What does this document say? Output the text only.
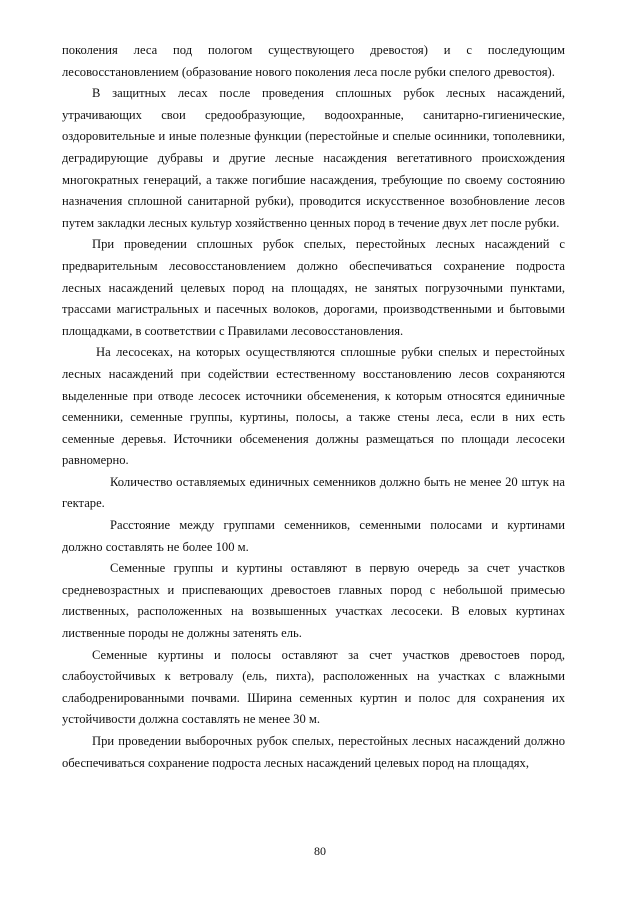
поколения леса под пологом существующего древостоя) и с последующим лесовосстановлением (образование нового поколения леса после рубки спелого древостоя).

В защитных лесах после проведения сплошных рубок лесных насаждений, утрачивающих свои средообразующие, водоохранные, санитарно-гигиенические, оздоровительные и иные полезные функции (перестойные и спелые осинники, тополевники, деградирующие дубравы и другие лесные насаждения вегетативного происхождения многократных генераций, а также погибшие насаждения, требующие по своему состоянию назначения сплошной санитарной рубки), проводится искусственное возобновление лесов путем закладки лесных культур хозяйственно ценных пород в течение двух лет после рубки.

При проведении сплошных рубок спелых, перестойных лесных насаждений с предварительным лесовосстановлением должно обеспечиваться сохранение подроста лесных насаждений целевых пород на площадях, не занятых погрузочными пунктами, трассами магистральных и пасечных волоков, дорогами, производственными и бытовыми площадками, в соответствии с Правилами лесовосстановления.

На лесосеках, на которых осуществляются сплошные рубки спелых и перестойных лесных насаждений при содействии естественному восстановлению лесов сохраняются выделенные при отводе лесосек источники обсеменения, к которым относятся единичные семенники, семенные группы, куртины, полосы, а также стены леса, если в них есть семенные деревья. Источники обсеменения должны размещаться по площади лесосеки равномерно.

Количество оставляемых единичных семенников должно быть не менее 20 штук на гектаре.

Расстояние между группами семенников, семенными полосами и куртинами должно составлять не более 100 м.

Семенные группы и куртины оставляют в первую очередь за счет участков средневозрастных и приспевающих древостоев главных пород с небольшой примесью лиственных, расположенных на возвышенных участках лесосеки. В еловых куртинах лиственные породы не должны затенять ель.

Семенные куртины и полосы оставляют за счет участков древостоев пород, слабоустойчивых к ветровалу (ель, пихта), расположенных на участках с влажными слабодренированными почвами. Ширина семенных куртин и полос для сохранения их устойчивости должна составлять не менее 30 м.

При проведении выборочных рубок спелых, перестойных лесных насаждений должно обеспечиваться сохранение подроста лесных насаждений целевых пород на площадях,

80
